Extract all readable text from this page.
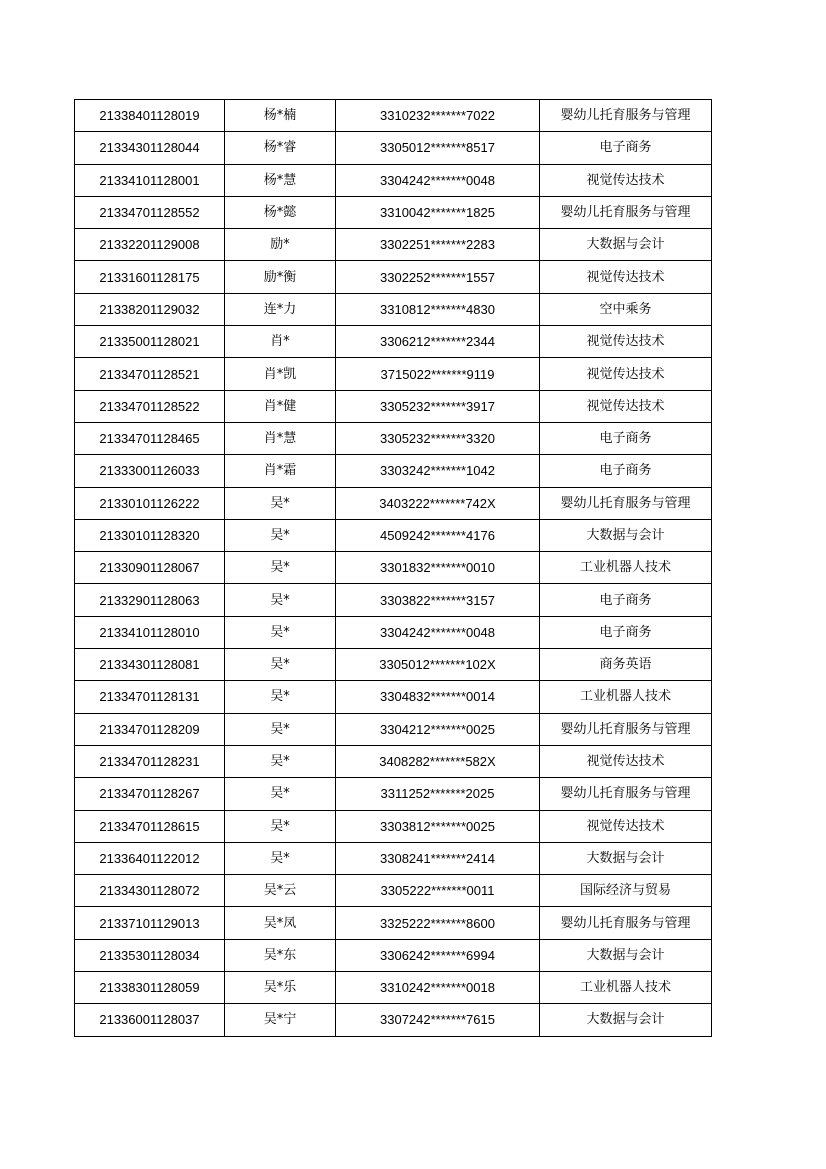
21338401128019	杨*楠	3310232*******7022	婴幼儿托育服务与管理
21334301128044	杨*睿	3305012*******8517	电子商务
21334101128001	杨*慧	3304242*******0048	视觉传达技术
21334701128552	杨*懿	3310042*******1825	婴幼儿托育服务与管理
21332201129008	励*	3302251*******2283	大数据与会计
21331601128175	励*衡	3302252*******1557	视觉传达技术
21338201129032	连*力	3310812*******4830	空中乘务
21335001128021	肖*	3306212*******2344	视觉传达技术
21334701128521	肖*凯	3715022*******9119	视觉传达技术
21334701128522	肖*健	3305232*******3917	视觉传达技术
21334701128465	肖*慧	3305232*******3320	电子商务
21333001126033	肖*霜	3303242*******1042	电子商务
21330101126222	吴*	3403222*******742X	婴幼儿托育服务与管理
21330101128320	吴*	4509242*******4176	大数据与会计
21330901128067	吴*	3301832*******0010	工业机器人技术
21332901128063	吴*	3303822*******3157	电子商务
21334101128010	吴*	3304242*******0048	电子商务
21334301128081	吴*	3305012*******102X	商务英语
21334701128131	吴*	3304832*******0014	工业机器人技术
21334701128209	吴*	3304212*******0025	婴幼儿托育服务与管理
21334701128231	吴*	3408282*******582X	视觉传达技术
21334701128267	吴*	3311252*******2025	婴幼儿托育服务与管理
21334701128615	吴*	3303812*******0025	视觉传达技术
21336401122012	吴*	3308241*******2414	大数据与会计
21334301128072	吴*云	3305222*******0011	国际经济与贸易
21337101129013	吴*凤	3325222*******8600	婴幼儿托育服务与管理
21335301128034	吴*东	3306242*******6994	大数据与会计
21338301128059	吴*乐	3310242*******0018	工业机器人技术
21336001128037	吴*宁	3307242*******7615	大数据与会计
